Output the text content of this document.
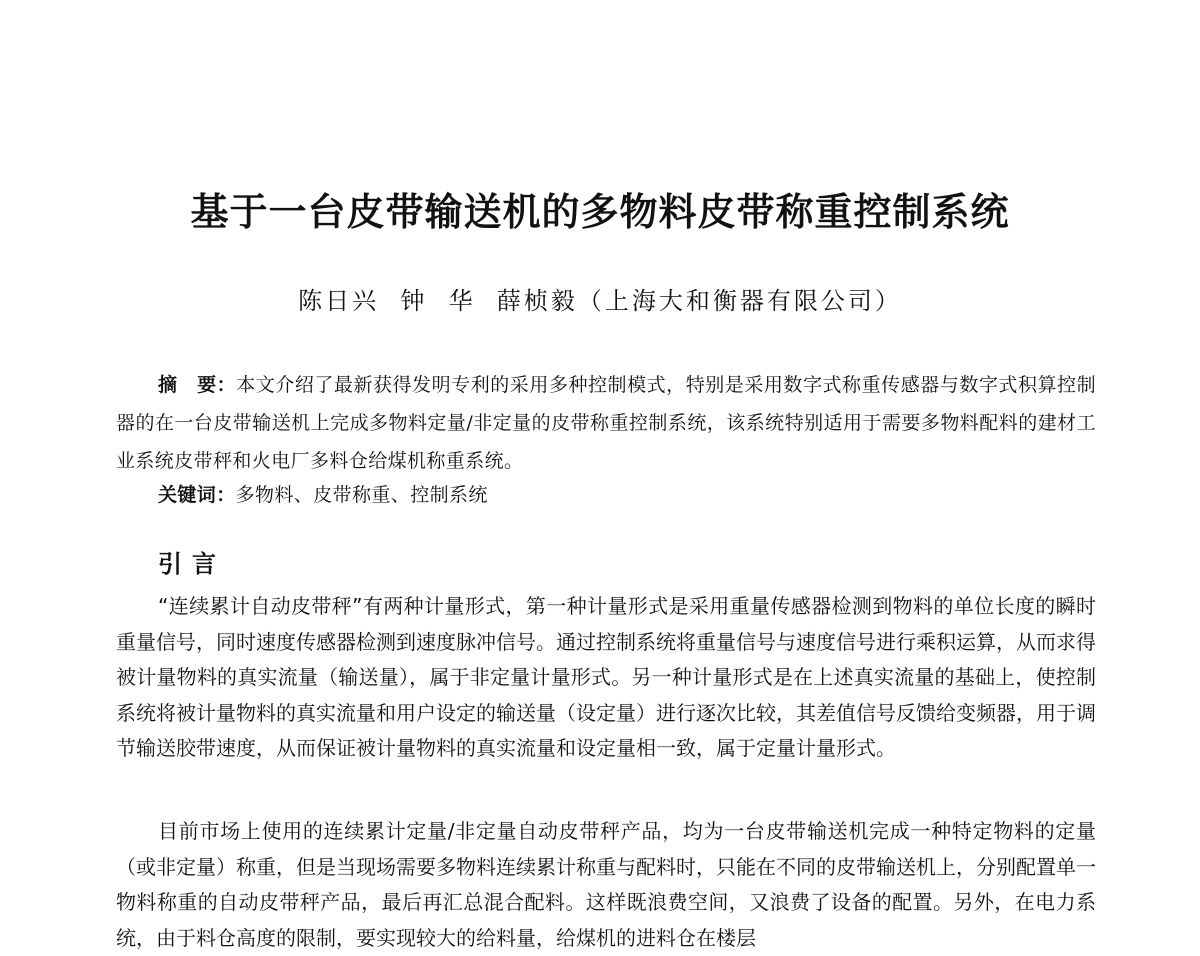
基于一台皮带输送机的多物料皮带称重控制系统
陈日兴  钟  华  薛桢毅（上海大和衡器有限公司）
摘　要：本文介绍了最新获得发明专利的采用多种控制模式，特别是采用数字式称重传感器与数字式积算控制器的在一台皮带输送机上完成多物料定量/非定量的皮带称重控制系统，该系统特别适用于需要多物料配料的建材工业系统皮带秤和火电厂多料仓给煤机称重系统。
关键词：多物料、皮带称重、控制系统
引言
“连续累计自动皮带秤”有两种计量形式，第一种计量形式是采用重量传感器检测到物料的单位长度的瞬时重量信号，同时速度传感器检测到速度脉冲信号。通过控制系统将重量信号与速度信号进行乘积运算，从而求得被计量物料的真实流量（输送量），属于非定量计量形式。另一种计量形式是在上述真实流量的基础上，使控制系统将被计量物料的真实流量和用户设定的输送量（设定量）进行逐次比较，其差值信号反馈给变频器，用于调节输送胶带速度，从而保证被计量物料的真实流量和设定量相一致，属于定量计量形式。
目前市场上使用的连续累计定量/非定量自动皮带秤产品，均为一台皮带输送机完成一种特定物料的定量（或非定量）称重，但是当现场需要多物料连续累计称重与配料时，只能在不同的皮带输送机上，分别配置单一物料称重的自动皮带秤产品，最后再汇总混合配料。这样既浪费空间，又浪费了设备的配置。另外，在电力系统，由于料仓高度的限制，要实现较大的给料量，给煤机的进料仓在楼层
